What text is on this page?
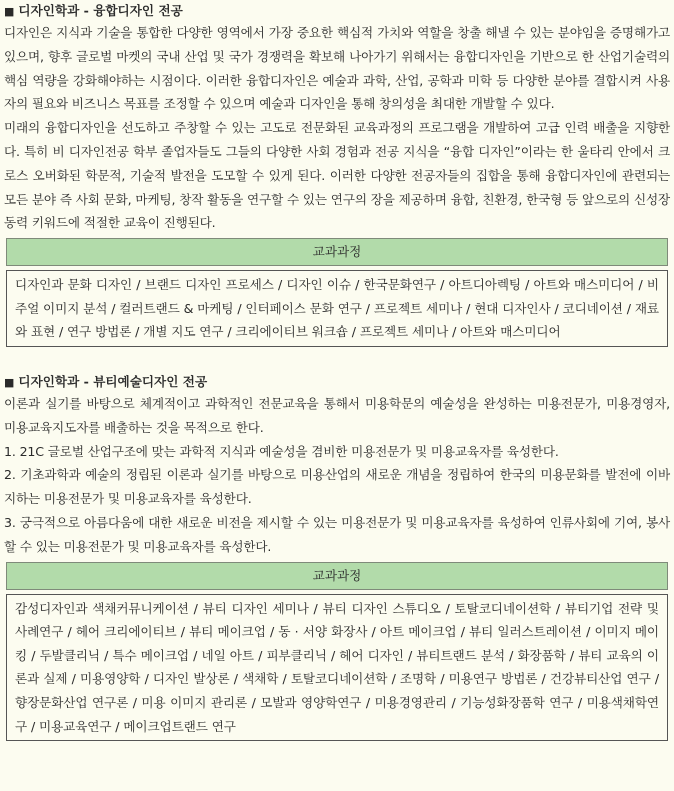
■ 디자인학과 - 융합디자인 전공

디자인은 지식과 기술을 통합한 다양한 영역에서 가장 중요한 핵심적 가치와 역할을 창출 해낼 수 있는 분야임을 증명해가고 있으며, 향후 글로벌 마켓의 국내 산업 및 국가 경쟁력을 확보해 나아가기 위해서는 융합디자인을 기반으로 한 산업기술력의 핵심 역량을 강화해야하는 시점이다. 이러한 융합디자인은 예술과 과학, 산업, 공학과 미학 등 다양한 분야를 결합시켜 사용자의 필요와 비즈니스 목표를 조정할 수 있으며 예술과 디자인을 통해 창의성을 최대한 개발할 수 있다.

미래의 융합디자인을 선도하고 주창할 수 있는 고도로 전문화된 교육과정의 프로그램을 개발하여 고급 인력 배출을 지향한다. 특히 비 디자인전공 학부 졸업자들도 그들의 다양한 사회 경험과 전공 지식을 “융합 디자인”이라는 한 울타리 안에서 크로스 오버화된 학문적, 기술적 발전을 도모할 수 있게 된다. 이러한 다양한 전공자들의 집합을 통해 융합디자인에 관련되는 모든 분야 즉 사회 문화, 마케팅, 창작 활동을 연구할 수 있는 연구의 장을 제공하며 융합, 친환경, 한국형 등 앞으로의 신성장 동력 키워드에 적절한 교육이 진행된다.

교과과정
디자인과 문화 디자인 / 브랜드 디자인 프로세스 / 디자인 이슈 / 한국문화연구 / 아트디아렉팅 / 아트와 매스미디어 / 비주얼 이미지 분석 / 컬러트랜드 & 마케팅 / 인터페이스 문화 연구 / 프로젝트 세미나 / 현대 디자인사 / 코디네이션 / 재료와 표현 / 연구 방법론 / 개별 지도 연구 / 크리에이티브 워크숍 / 프로젝트 세미나 / 아트와 매스미디어

■ 디자인학과 - 뷰티예술디자인 전공

이론과 실기를 바탕으로 체계적이고 과학적인 전문교육을 통해서 미용학문의 예술성을 완성하는 미용전문가, 미용경영자, 미용교육지도자를 배출하는 것을 목적으로 한다.

1. 21C 글로벌 산업구조에 맞는 과학적 지식과 예술성을 겸비한 미용전문가 및 미용교육자를 육성한다.

2. 기초과학과 예술의 정립된 이론과 실기를 바탕으로 미용산업의 새로운 개념을 정립하여 한국의 미용문화를 발전에 이바지하는 미용전문가 및 미용교육자를 육성한다.

3. 궁극적으로 아름다움에 대한 새로운 비전을 제시할 수 있는 미용전문가 및 미용교육자를 육성하여 인류사회에 기여, 봉사할 수 있는 미용전문가 및 미용교육자를 육성한다.

교과과정
감성디자인과 색채커뮤니케이션 / 뷰티 디자인 세미나 / 뷰티 디자인 스튜디오 / 토탈코디네이션학 / 뷰티기업 전략 및 사례연구 / 헤어 크리에이티브 / 뷰티 메이크업 / 동 · 서양 화장사 / 아트 메이크업 / 뷰티 일러스트레이션 / 이미지 메이킹 / 두발클리닉 / 특수 메이크업 / 네일 아트 / 피부클리닉 / 헤어 디자인 / 뷰티트랜드 분석 / 화장품학 / 뷰티 교육의 이론과 실제 / 미용영양학 / 디자인 발상론 / 색채학 / 토탈코디네이션학 / 조명학 / 미용연구 방법론 / 건강뷰티산업 연구 / 향장문화산업 연구론 / 미용 이미지 관리론 / 모발과 영양학연구 / 미용경영관리 / 기능성화장품학 연구 / 미용색채학연구 / 미용교육연구 / 메이크업트랜드 연구
